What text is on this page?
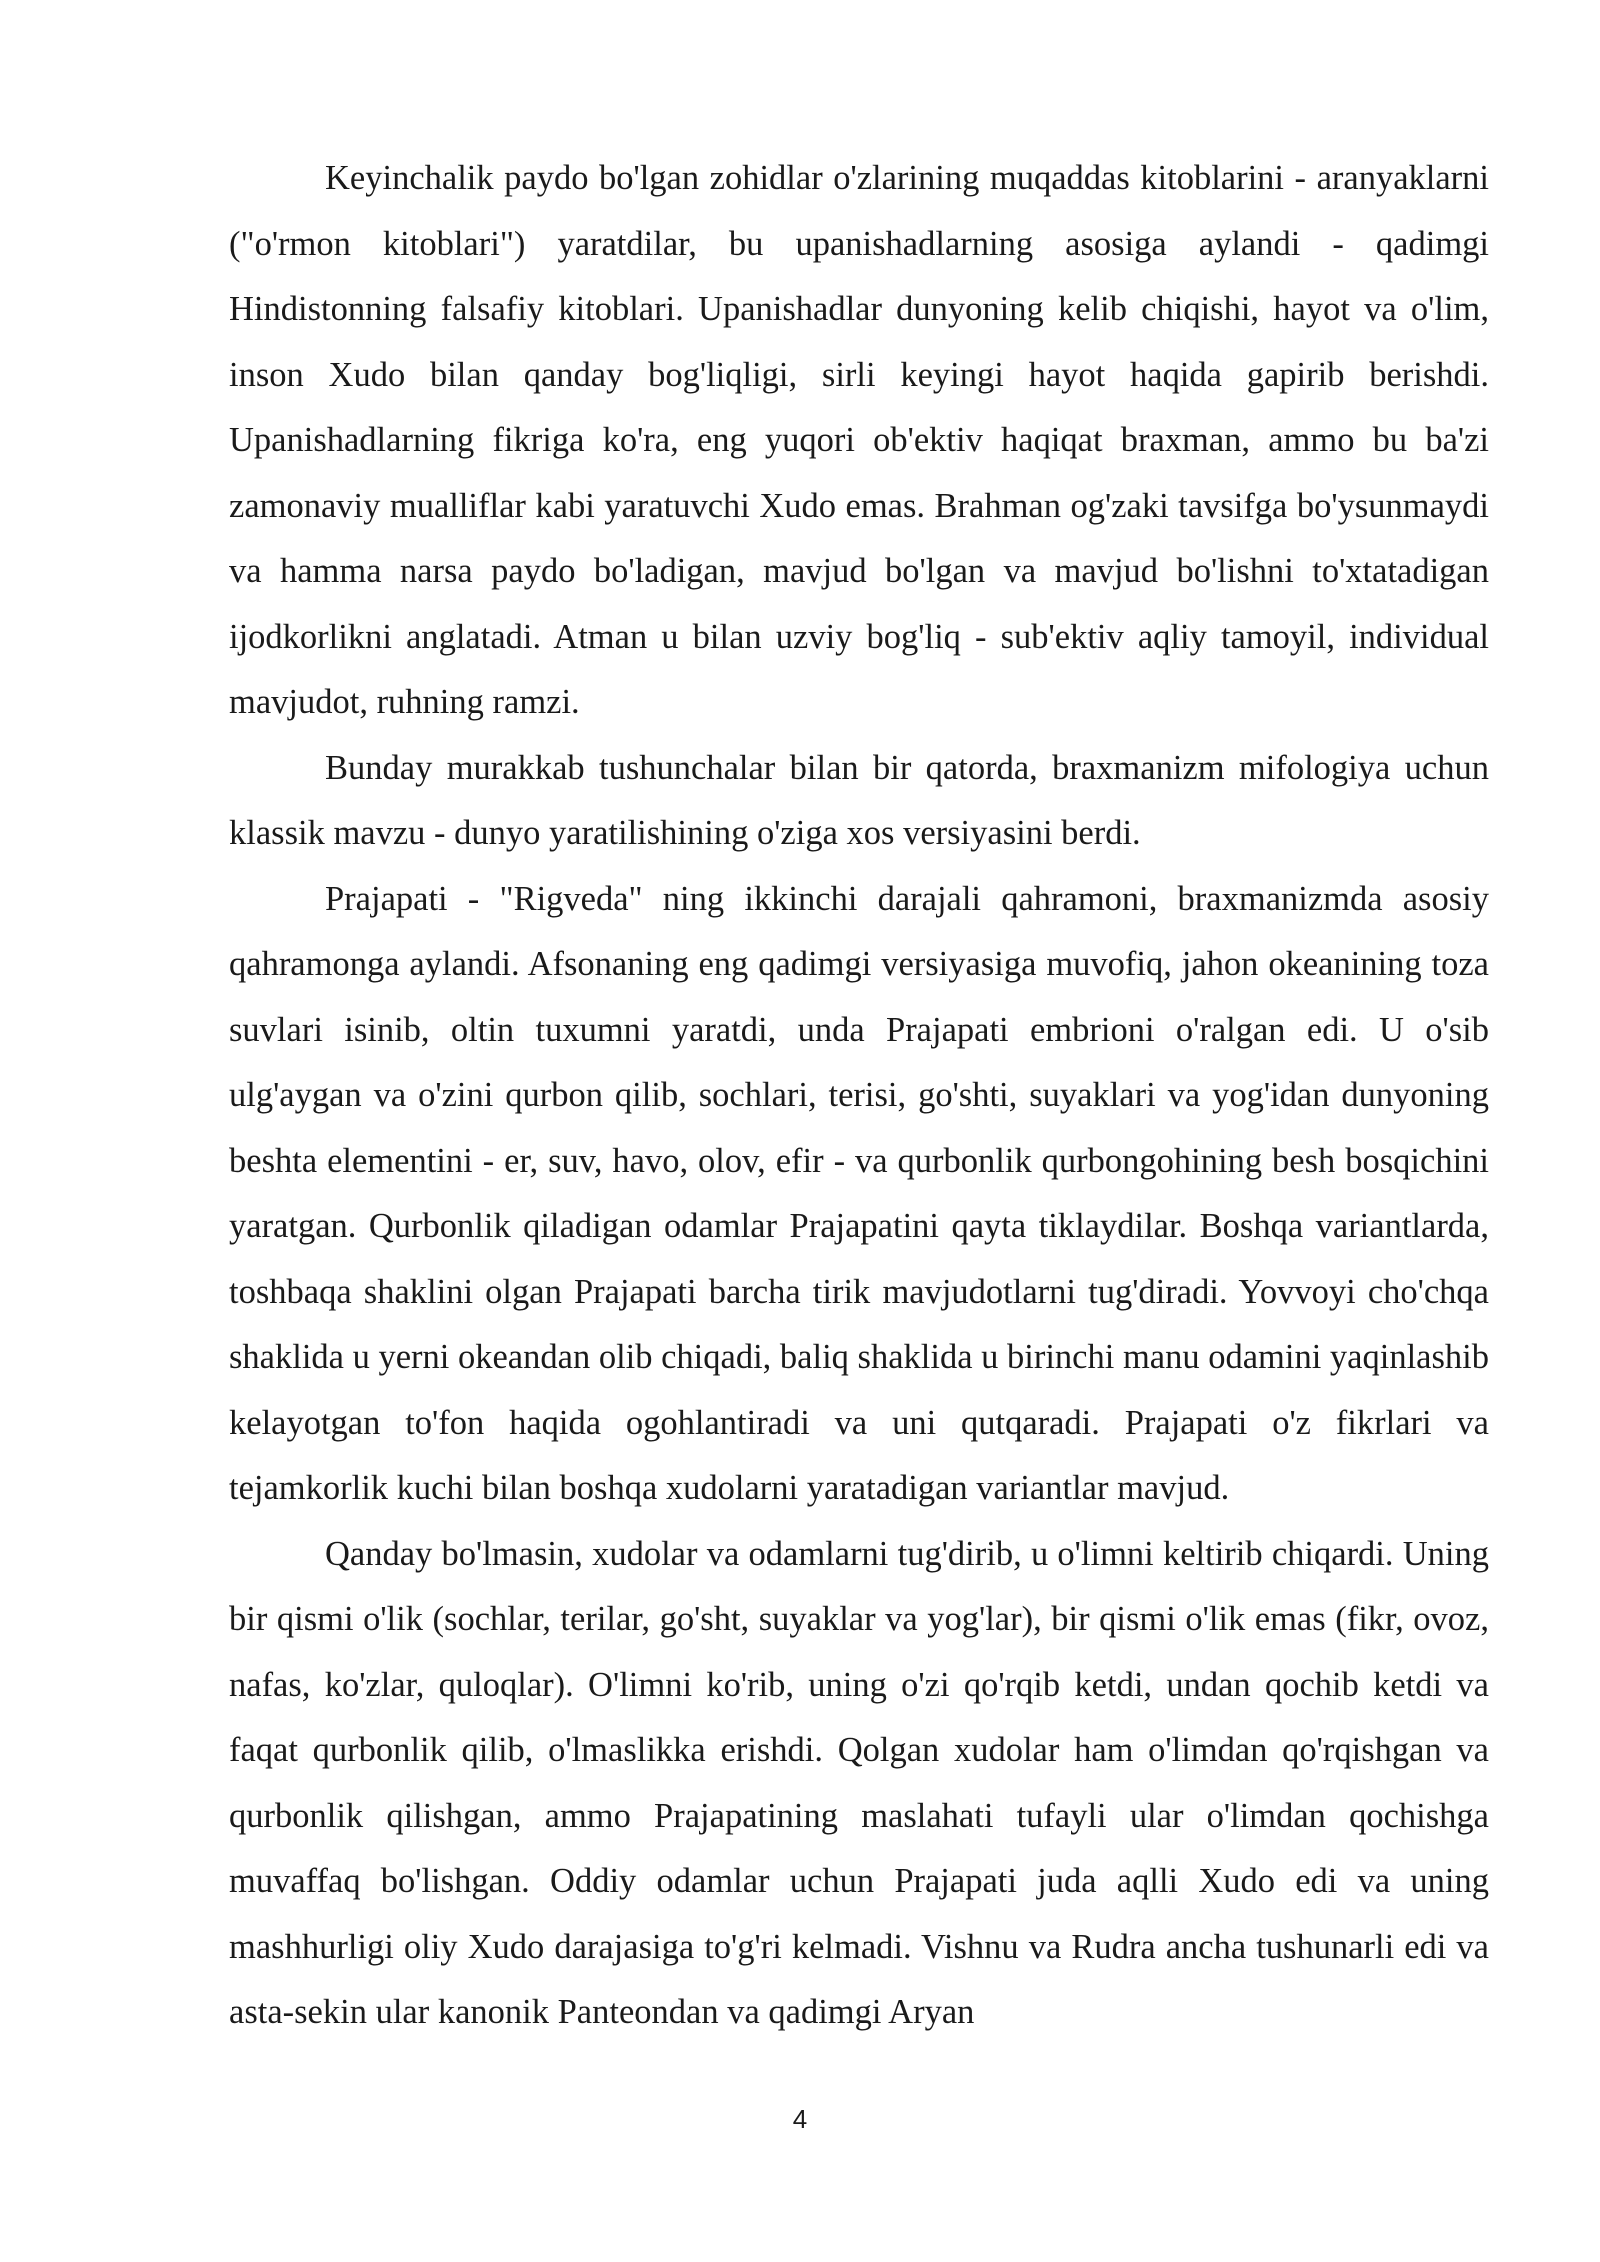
Keyinchalik paydo bo'lgan zohidlar o'zlarining muqaddas kitoblarini - aranyaklarni ("o'rmon kitoblari") yaratdilar, bu upanishadlarning asosiga aylandi - qadimgi Hindistonning falsafiy kitoblari. Upanishadlar dunyoning kelib chiqishi, hayot va o'lim, inson Xudo bilan qanday bog'liqligi, sirli keyingi hayot haqida gapirib berishdi. Upanishadlarning fikriga ko'ra, eng yuqori ob'ektiv haqiqat braxman, ammo bu ba'zi zamonaviy mualliflar kabi yaratuvchi Xudo emas. Brahman og'zaki tavsifga bo'ysunmaydi va hamma narsa paydo bo'ladigan, mavjud bo'lgan va mavjud bo'lishni to'xtatadigan ijodkorlikni anglatadi. Atman u bilan uzviy bog'liq - sub'ektiv aqliy tamoyil, individual mavjudot, ruhning ramzi.

Bunday murakkab tushunchalar bilan bir qatorda, braxmanizm mifologiya uchun klassik mavzu - dunyo yaratilishining o'ziga xos versiyasini berdi.

Prajapati - "Rigveda" ning ikkinchi darajali qahramoni, braxmanizmda asosiy qahramonga aylandi. Afsonaning eng qadimgi versiyasiga muvofiq, jahon okeanining toza suvlari isinib, oltin tuxumni yaratdi, unda Prajapati embrioni o'ralgan edi. U o'sib ulg'aygan va o'zini qurbon qilib, sochlari, terisi, go'shti, suyaklari va yog'idan dunyoning beshta elementini - er, suv, havo, olov, efir - va qurbonlik qurbongohining besh bosqichini yaratgan. Qurbonlik qiladigan odamlar Prajapatini qayta tiklaydilar. Boshqa variantlarda, toshbaqa shaklini olgan Prajapati barcha tirik mavjudotlarni tug'diradi. Yovvoyi cho'chqa shaklida u yerni okeandan olib chiqadi, baliq shaklida u birinchi manu odamini yaqinlashib kelayotgan to'fon haqida ogohlantiradi va uni qutqaradi. Prajapati o'z fikrlari va tejamkorlik kuchi bilan boshqa xudolarni yaratadigan variantlar mavjud.

Qanday bo'lmasin, xudolar va odamlarni tug'dirib, u o'limni keltirib chiqardi. Uning bir qismi o'lik (sochlar, terilar, go'sht, suyaklar va yog'lar), bir qismi o'lik emas (fikr, ovoz, nafas, ko'zlar, quloqlar). O'limni ko'rib, uning o'zi qo'rqib ketdi, undan qochib ketdi va faqat qurbonlik qilib, o'lmaslikka erishdi. Qolgan xudolar ham o'limdan qo'rqishgan va qurbonlik qilishgan, ammo Prajapatining maslahati tufayli ular o'limdan qochishga muvaffaq bo'lishgan. Oddiy odamlar uchun Prajapati juda aqlli Xudo edi va uning mashhurligi oliy Xudo darajasiga to'g'ri kelmadi. Vishnu va Rudra ancha tushunarli edi va asta-sekin ular kanonik Panteondan va qadimgi Aryan

4
